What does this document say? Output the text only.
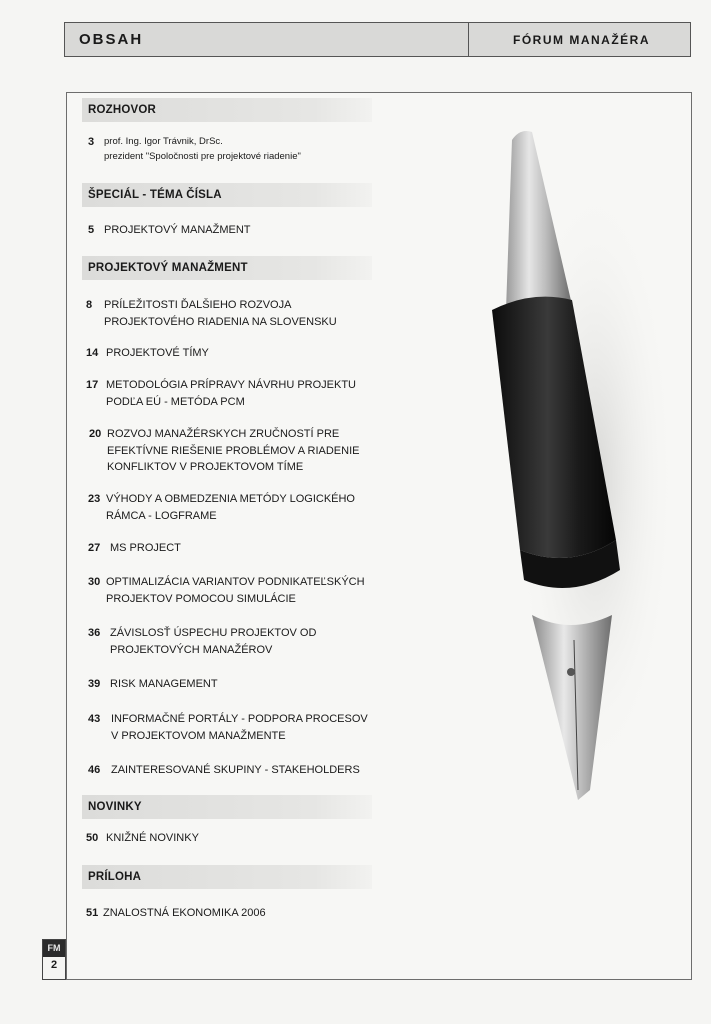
OBSAH	FÓRUM MANAŽÉRA
ROZHOVOR
3 prof. Ing. Igor Trávnik, DrSc.
prezident "Spoločnosti pre projektové riadenie"
ŠPECIÁL - TÉMA ČÍSLA
5 PROJEKTOVÝ MANAŽMENT
PROJEKTOVÝ MANAŽMENT
8 PRÍLEŽITOSTI ĎALŠIEHO ROZVOJA
PROJEKTOVÉHO RIADENIA NA SLOVENSKU
14 PROJEKTOVÉ TÍMY
17 METODOLÓGIA PRÍPRAVY NÁVRHU PROJEKTU
PODĽA EÚ - METÓDA PCM
20 ROZVOJ MANAŽÉRSKYCH ZRUČNOSTÍ PRE
EFEKTÍVNE RIEŠENIE PROBLÉMOV A RIADENIE
KONFLIKTOV V PROJEKTOVOM TÍME
23 VÝHODY A OBMEDZENIA METÓDY LOGICKÉHO
RÁMCA - LOGFRAME
27 MS PROJECT
30 OPTIMALIZÁCIA VARIANTOV PODNIKATEĽSKÝCH
PROJEKTOV POMOCOU SIMULÁCIE
36 ZÁVISLOSŤ ÚSPECHU PROJEKTOV OD
PROJEKTOVÝCH MANAŽÉROV
39 RISK MANAGEMENT
43 INFORMAČNÉ PORTÁLY - PODPORA PROCESOV
V PROJEKTOVOM MANAŽMENTE
46 ZAINTERESOVANÉ SKUPINY - STAKEHOLDERS
NOVINKY
50 KNIŽNÉ NOVINKY
PRÍLOHA
51 ZNALOSTNÁ EKONOMIKA 2006
FM
2
